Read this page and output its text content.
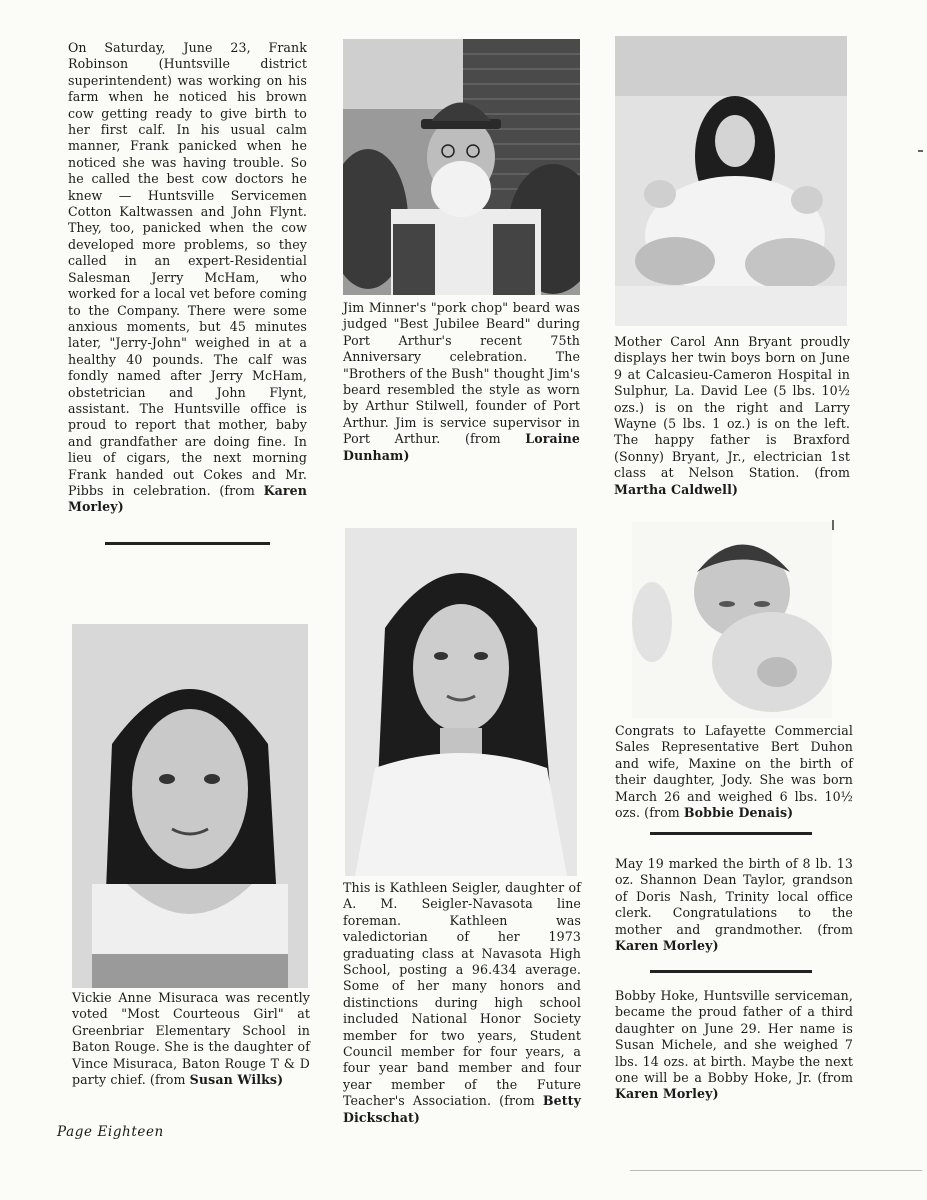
On Saturday, June 23, Frank Robinson (Huntsville district superintendent) was working on his farm when he noticed his brown cow getting ready to give birth to her first calf. In his usual calm manner, Frank panicked when he noticed she was having trouble. So he called the best cow doctors he knew — Huntsville Servicemen Cotton Kaltwassen and John Flynt. They, too, panicked when the cow developed more problems, so they called in an expert-Residential Salesman Jerry McHam, who worked for a local vet before coming to the Company. There were some anxious moments, but 45 minutes later, "Jerry-John" weighed in at a healthy 40 pounds. The calf was fondly named after Jerry McHam, obstetrician and John Flynt, assistant. The Huntsville office is proud to report that mother, baby and grandfather are doing fine. In lieu of cigars, the next morning Frank handed out Cokes and Mr. Pibbs in celebration. (from Karen Morley)
Jim Minner's "pork chop" beard was judged "Best Jubilee Beard" during Port Arthur's recent 75th Anniversary celebration. The "Brothers of the Bush" thought Jim's beard resembled the style as worn by Arthur Stilwell, founder of Port Arthur. Jim is service supervisor in Port Arthur. (from Loraine Dunham)
Mother Carol Ann Bryant proudly displays her twin boys born on June 9 at Calcasieu-Cameron Hospital in Sulphur, La. David Lee (5 lbs. 10½ ozs.) is on the right and Larry Wayne (5 lbs. 1 oz.) is on the left. The happy father is Braxford (Sonny) Bryant, Jr., electrician 1st class at Nelson Station. (from Martha Caldwell)
Vickie Anne Misuraca was recently voted "Most Courteous Girl" at Greenbriar Elementary School in Baton Rouge. She is the daughter of Vince Misuraca, Baton Rouge T & D party chief. (from Susan Wilks)
This is Kathleen Seigler, daughter of A. M. Seigler-Navasota line foreman. Kathleen was valedictorian of her 1973 graduating class at Navasota High School, posting a 96.434 average. Some of her many honors and distinctions during high school included National Honor Society member for two years, Student Council member for four years, a four year band member and four year member of the Future Teacher's Association. (from Betty Dickschat)
Congrats to Lafayette Commercial Sales Representative Bert Duhon and wife, Maxine on the birth of their daughter, Jody. She was born March 26 and weighed 6 lbs. 10½ ozs. (from Bobbie Denais)
May 19 marked the birth of 8 lb. 13 oz. Shannon Dean Taylor, grandson of Doris Nash, Trinity local office clerk. Congratulations to the mother and grandmother. (from Karen Morley)
Bobby Hoke, Huntsville serviceman, became the proud father of a third daughter on June 29. Her name is Susan Michele, and she weighed 7 lbs. 14 ozs. at birth. Maybe the next one will be a Bobby Hoke, Jr. (from Karen Morley)
Page Eighteen
